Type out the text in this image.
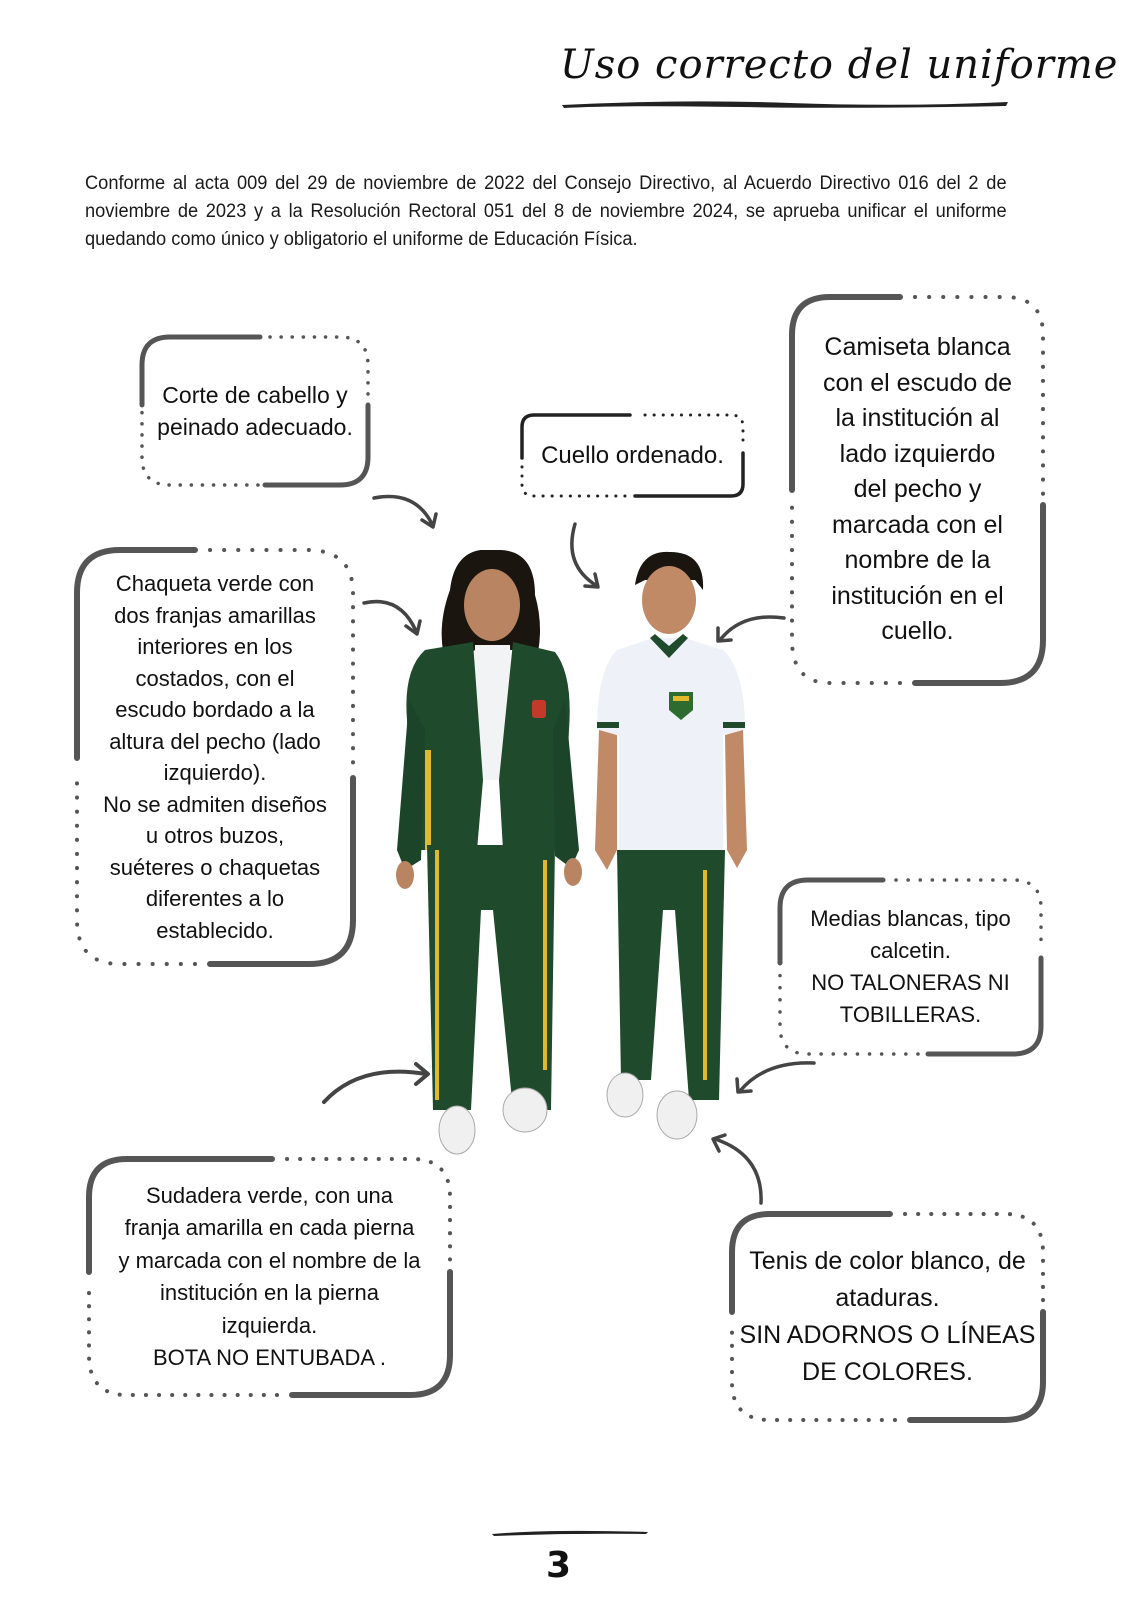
Uso correcto del uniforme
Conforme al acta 009 del 29 de noviembre de 2022 del Consejo Directivo, al Acuerdo Directivo 016 del 2 de noviembre de 2023 y a la Resolución Rectoral 051 del 8 de noviembre 2024, se aprueba unificar el uniforme quedando como único y obligatorio el uniforme de Educación Física.
Corte de cabello y
peinado adecuado.
Cuello ordenado.
Camiseta blanca
con el escudo de
la institución al
lado izquierdo
del pecho y
marcada con el
nombre de la
institución en el
cuello.
Chaqueta verde con
dos franjas amarillas
interiores en los
costados, con el
escudo bordado a la
altura del pecho (lado
izquierdo).
No se admiten diseños
u otros buzos,
suéteres o chaquetas
diferentes a lo
establecido.	Medias blancas, tipo
calcetin.
NO TALONERAS NI
TOBILLERAS.
Sudadera verde, con una
franja amarilla en cada pierna
y marcada con el nombre de la
institución en la pierna
izquierda.
BOTA NO ENTUBADA .
Tenis de color blanco, de
ataduras.
SIN ADORNOS O LÍNEAS
DE COLORES.
3
